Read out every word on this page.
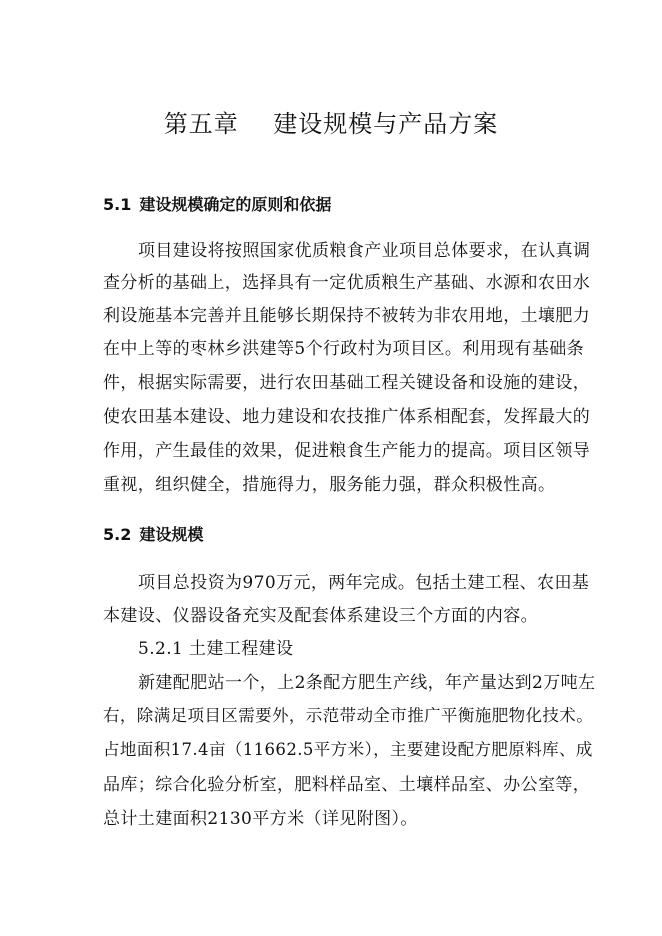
第五章    建设规模与产品方案
5.1 建设规模确定的原则和依据
项目建设将按照国家优质粮食产业项目总体要求，在认真调
查分析的基础上，选择具有一定优质粮生产基础、水源和农田水
利设施基本完善并且能够长期保持不被转为非农用地，土壤肥力
在中上等的枣林乡洪建等5个行政村为项目区。利用现有基础条
件，根据实际需要，进行农田基础工程关键设备和设施的建设，
使农田基本建设、地力建设和农技推广体系相配套，发挥最大的
作用，产生最佳的效果，促进粮食生产能力的提高。项目区领导
重视，组织健全，措施得力，服务能力强，群众积极性高。
5.2 建设规模
项目总投资为970万元，两年完成。包括土建工程、农田基
本建设、仪器设备充实及配套体系建设三个方面的内容。
5.2.1 土建工程建设
新建配肥站一个，上2条配方肥生产线，年产量达到2万吨左
右，除满足项目区需要外，示范带动全市推广平衡施肥物化技术。
占地面积17.4亩（11662.5平方米），主要建设配方肥原料库、成
品库；综合化验分析室，肥料样品室、土壤样品室、办公室等，
总计土建面积2130平方米（详见附图）。
